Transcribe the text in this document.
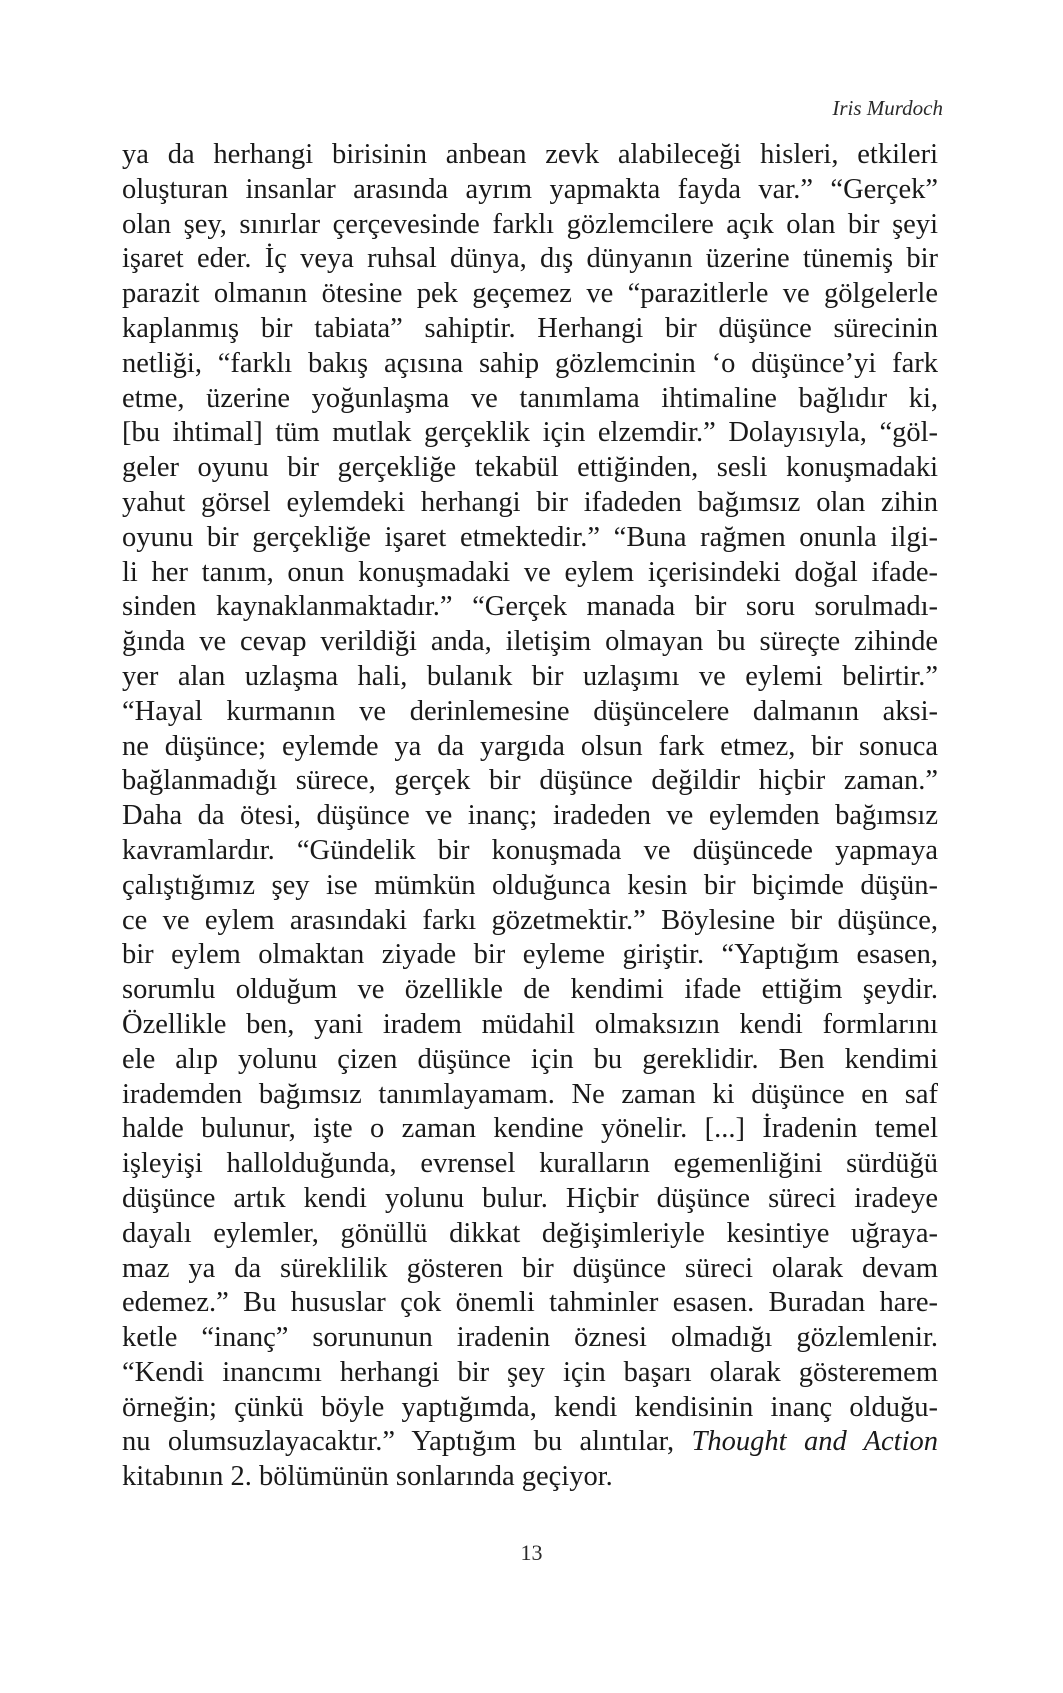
Iris Murdoch
ya da herhangi birisinin anbean zevk alabileceği hisleri, etkileri
oluşturan insanlar arasında ayrım yapmakta fayda var.” “Gerçek”
olan şey, sınırlar çerçevesinde farklı gözlemcilere açık olan bir şeyi
işaret eder. İç veya ruhsal dünya, dış dünyanın üzerine tünemiş bir
parazit olmanın ötesine pek geçemez ve “parazitlerle ve gölgelerle
kaplanmış bir tabiata” sahiptir. Herhangi bir düşünce sürecinin
netliği, “farklı bakış açısına sahip gözlemcinin ‘o düşünce’yi fark
etme, üzerine yoğunlaşma ve tanımlama ihtimaline bağlıdır ki,
[bu ihtimal] tüm mutlak gerçeklik için elzemdir.” Dolayısıyla, “göl-
geler oyunu bir gerçekliğe tekabül ettiğinden, sesli konuşmadaki
yahut görsel eylemdeki herhangi bir ifadeden bağımsız olan zihin
oyunu bir gerçekliğe işaret etmektedir.” “Buna rağmen onunla ilgi-
li her tanım, onun konuşmadaki ve eylem içerisindeki doğal ifade-
sinden kaynaklanmaktadır.” “Gerçek manada bir soru sorulmadı-
ğında ve cevap verildiği anda, iletişim olmayan bu süreçte zihinde
yer alan uzlaşma hali, bulanık bir uzlaşımı ve eylemi belirtir.”
“Hayal kurmanın ve derinlemesine düşüncelere dalmanın aksi-
ne düşünce; eylemde ya da yargıda olsun fark etmez, bir sonuca
bağlanmadığı sürece, gerçek bir düşünce değildir hiçbir zaman.”
Daha da ötesi, düşünce ve inanç; iradeden ve eylemden bağımsız
kavramlardır. “Gündelik bir konuşmada ve düşüncede yapmaya
çalıştığımız şey ise mümkün olduğunca kesin bir biçimde düşün-
ce ve eylem arasındaki farkı gözetmektir.” Böylesine bir düşünce,
bir eylem olmaktan ziyade bir eyleme giriştir. “Yaptığım esasen,
sorumlu olduğum ve özellikle de kendimi ifade ettiğim şeydir.
Özellikle ben, yani iradem müdahil olmaksızın kendi formlarını
ele alıp yolunu çizen düşünce için bu gereklidir. Ben kendimi
irademden bağımsız tanımlayamam. Ne zaman ki düşünce en saf
halde bulunur, işte o zaman kendine yönelir. [...] İradenin temel
işleyişi hallolduğunda, evrensel kuralların egemenliğini sürdüğü
düşünce artık kendi yolunu bulur. Hiçbir düşünce süreci iradeye
dayalı eylemler, gönüllü dikkat değişimleriyle kesintiye uğraya-
maz ya da süreklilik gösteren bir düşünce süreci olarak devam
edemez.” Bu hususlar çok önemli tahminler esasen. Buradan hare-
ketle “inanç” sorununun iradenin öznesi olmadığı gözlemlenir.
“Kendi inancımı herhangi bir şey için başarı olarak gösteremem
örneğin; çünkü böyle yaptığımda, kendi kendisinin inanç olduğu-
nu olumsuzlayacaktır.” Yaptığım bu alıntılar, Thought and Action
kitabının 2. bölümünün sonlarında geçiyor.
13
